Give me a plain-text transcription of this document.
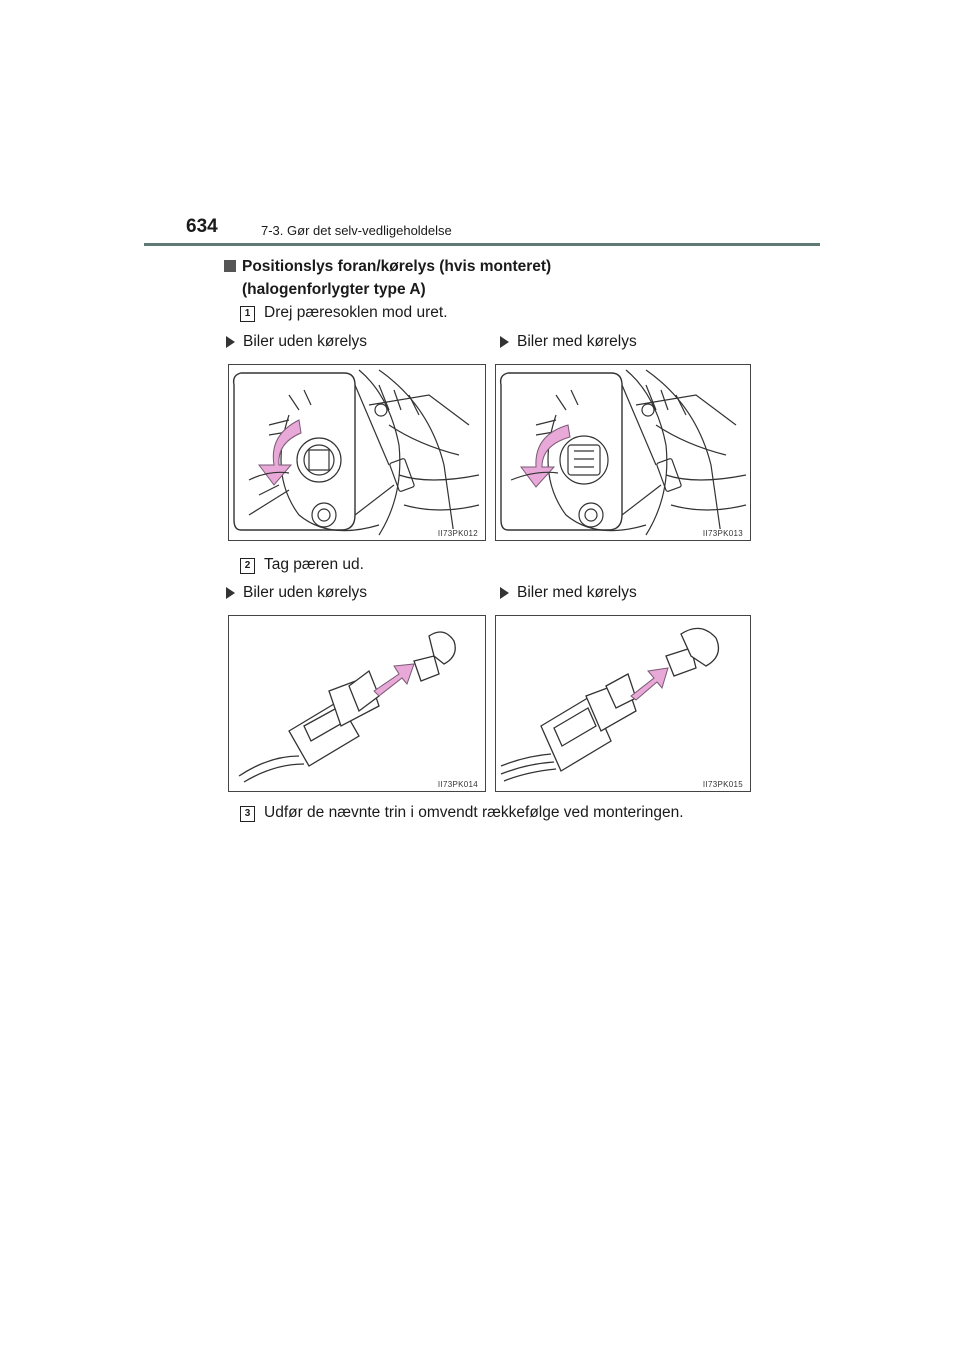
634	7-3. Gør det selv-vedligeholdelse
Positionslys foran/kørelys (hvis monteret)
(halogenforlygter type A)
1 Drej pæresoklen mod uret.
Biler uden kørelys	Biler med kørelys
II73PK012	II73PK013
2 Tag pæren ud.
Biler uden kørelys	Biler med kørelys
II73PK014	II73PK015
3 Udfør de nævnte trin i omvendt rækkefølge ved monteringen.
